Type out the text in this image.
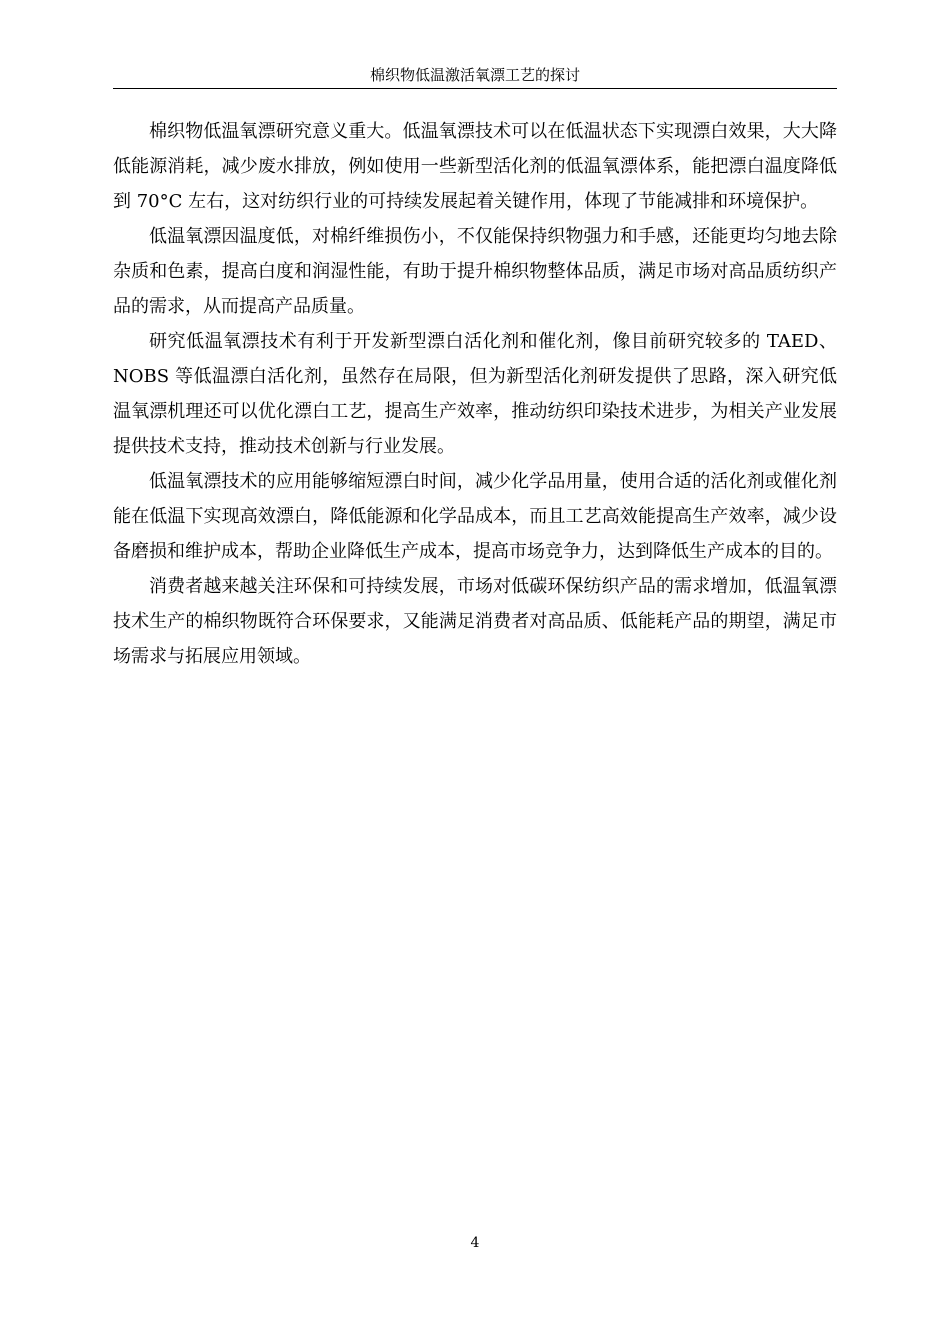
棉织物低温激活氧漂工艺的探讨

棉织物低温氧漂研究意义重大。低温氧漂技术可以在低温状态下实现漂白效果，大大降低能源消耗，减少废水排放，例如使用一些新型活化剂的低温氧漂体系，能把漂白温度降低到 70°C 左右，这对纺织行业的可持续发展起着关键作用，体现了节能减排和环境保护。

低温氧漂因温度低，对棉纤维损伤小，不仅能保持织物强力和手感，还能更均匀地去除杂质和色素，提高白度和润湿性能，有助于提升棉织物整体品质，满足市场对高品质纺织产品的需求，从而提高产品质量。

研究低温氧漂技术有利于开发新型漂白活化剂和催化剂，像目前研究较多的 TAED、NOBS 等低温漂白活化剂，虽然存在局限，但为新型活化剂研发提供了思路，深入研究低温氧漂机理还可以优化漂白工艺，提高生产效率，推动纺织印染技术进步，为相关产业发展提供技术支持，推动技术创新与行业发展。

低温氧漂技术的应用能够缩短漂白时间，减少化学品用量，使用合适的活化剂或催化剂能在低温下实现高效漂白，降低能源和化学品成本，而且工艺高效能提高生产效率，减少设备磨损和维护成本，帮助企业降低生产成本，提高市场竞争力，达到降低生产成本的目的。

消费者越来越关注环保和可持续发展，市场对低碳环保纺织产品的需求增加，低温氧漂技术生产的棉织物既符合环保要求，又能满足消费者对高品质、低能耗产品的期望，满足市场需求与拓展应用领域。

4
